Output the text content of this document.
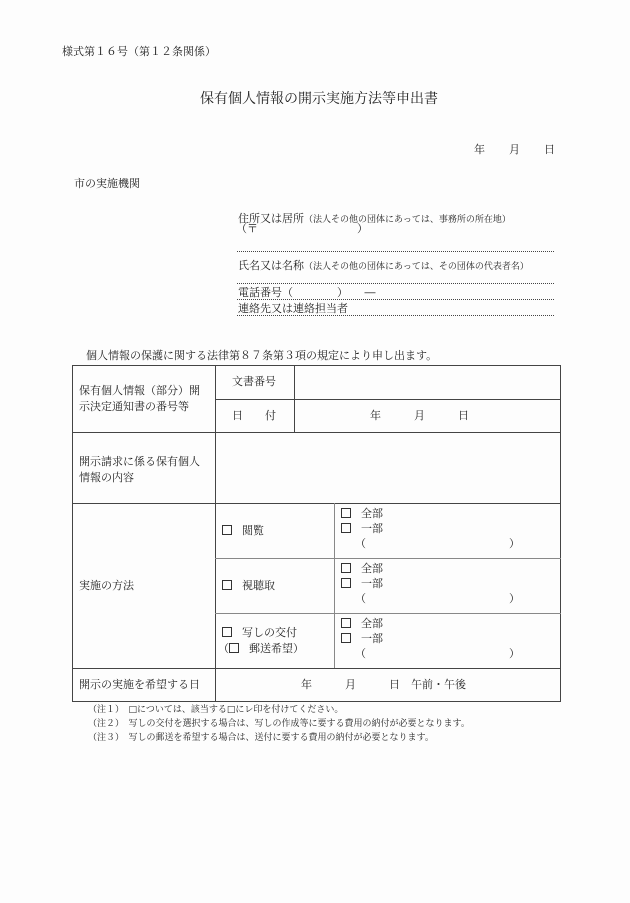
様式第１６号（第１２条関係）
保有個人情報の開示実施方法等申出書
年 月 日
市の実施機関
住所又は居所（法人その他の団体にあっては、事務所の所在地）
（〒　　　　　　　　　）
氏名又は名称（法人その他の団体にあっては、その団体の代表者名）
電話番号（　　　　）　　―
連絡先又は連絡担当者
個人情報の保護に関する法律第８７条第３項の規定により申し出ます。
保有個人情報（部分）開
示決定通知書の番号等
文書番号
日　　付	年　　　月　　　日
開示請求に係る保有個人
情報の内容
実施の方法
閲覧
全部
一部
（　　　　　　　　　　　　　）
視聴取
全部
一部
（　　　　　　　　　　　　　）
写しの交付
（ 郵送希望）
全部
一部
（　　　　　　　　　　　　　）
開示の実施を希望する日	年　　　月　　　日　午前・午後
（注１）　 □については、該当する□にレ印を付けてください。
（注２）　 写しの交付を選択する場合は、写しの作成等に要する費用の納付が必要となります。
（注３）　 写しの郵送を希望する場合は、送付に要する費用の納付が必要となります。
